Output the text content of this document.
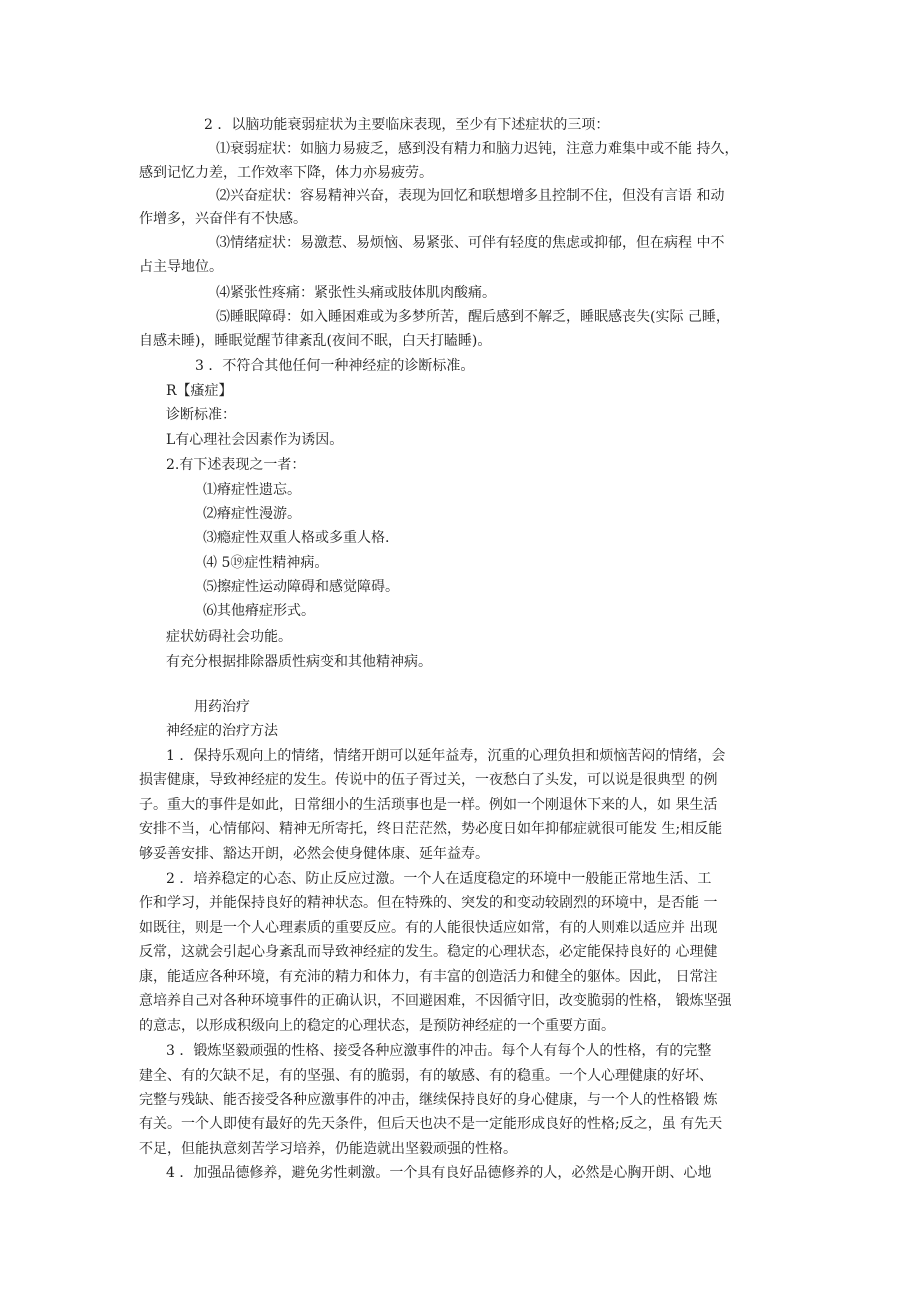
2 ．以脑功能衰弱症状为主要临床表现，至少有下述症状的三项：

⑴衰弱症状：如脑力易疲乏，感到没有精力和脑力迟钝，注意力难集中或不能 持久，

感到记忆力差，工作效率下降，体力亦易疲劳。

⑵兴奋症状：容易精神兴奋，表现为回忆和联想增多且控制不住，但没有言语 和动

作增多，兴奋伴有不快感。

⑶情绪症状：易激惹、易烦恼、易紧张、可伴有轻度的焦虑或抑郁，但在病程 中不

占主导地位。

⑷紧张性疼痛：紧张性头痛或肢体肌肉酸痛。

⑸睡眠障碍：如入睡困难或为多梦所苦，醒后感到不解乏，睡眠感丧失(实际 己睡，

自感未睡)，睡眠觉醒节律紊乱(夜间不眠，白天打瞌睡)。

3 ．不符合其他任何一种神经症的诊断标准。

R【瘙症】

诊断标准：

L有心理社会因素作为诱因。

2.有下述表现之一者：

⑴瘠症性遗忘。

⑵瘠症性漫游。

⑶瘾症性双重人格或多重人格.

⑷ 5⑲症性精神病。

⑸擦症性运动障碍和感觉障碍。

⑹其他瘠症形式。

症状妨碍社会功能。

有充分根据排除器质性病变和其他精神病。

用药治疗

神经症的治疗方法

1 ．保持乐观向上的情绪，情绪开朗可以延年益寿，沉重的心理负担和烦恼苦闷的情绪，会

损害健康，导致神经症的发生。传说中的伍子胥过关，一夜愁白了头发，可以说是很典型 的例

子。重大的事件是如此，日常细小的生活琐事也是一样。例如一个刚退休下来的人，如 果生活

安排不当，心情郁闷、精神无所寄托，终日茫茫然，势必度日如年抑郁症就很可能发 生;相反能

够妥善安排、豁达开朗，必然会使身健体康、延年益寿。

2 ．培养稳定的心态、防止反应过激。一个人在适度稳定的环境中一般能正常地生活、工

作和学习，并能保持良好的精神状态。但在特殊的、突发的和变动较剧烈的环境中，是否能 一

如既往，则是一个人心理素质的重要反应。有的人能很快适应如常，有的人则难以适应并 出现

反常，这就会引起心身紊乱而导致神经症的发生。稳定的心理状态，必定能保持良好的 心理健

康，能适应各种环境，有充沛的精力和体力，有丰富的创造活力和健全的躯体。因此， 日常注

意培养自己对各种环境事件的正确认识，不回避困难，不因循守旧，改变脆弱的性格， 锻炼坚强

的意志，以形成积级向上的稳定的心理状态，是预防神经症的一个重要方面。

3 ．锻炼坚毅顽强的性格、接受各种应激事件的冲击。每个人有每个人的性格，有的完整

建全、有的欠缺不足，有的坚强、有的脆弱，有的敏感、有的稳重。一个人心理健康的好坏、

完整与残缺、能否接受各种应激事件的冲击，继续保持良好的身心健康，与一个人的性格锻 炼

有关。一个人即使有最好的先天条件，但后天也决不是一定能形成良好的性格;反之，虽 有先天

不足，但能执意刻苦学习培养，仍能造就出坚毅顽强的性格。

4 ．加强品德修养，避免劣性刺激。一个具有良好品德修养的人，必然是心胸开朗、心地
